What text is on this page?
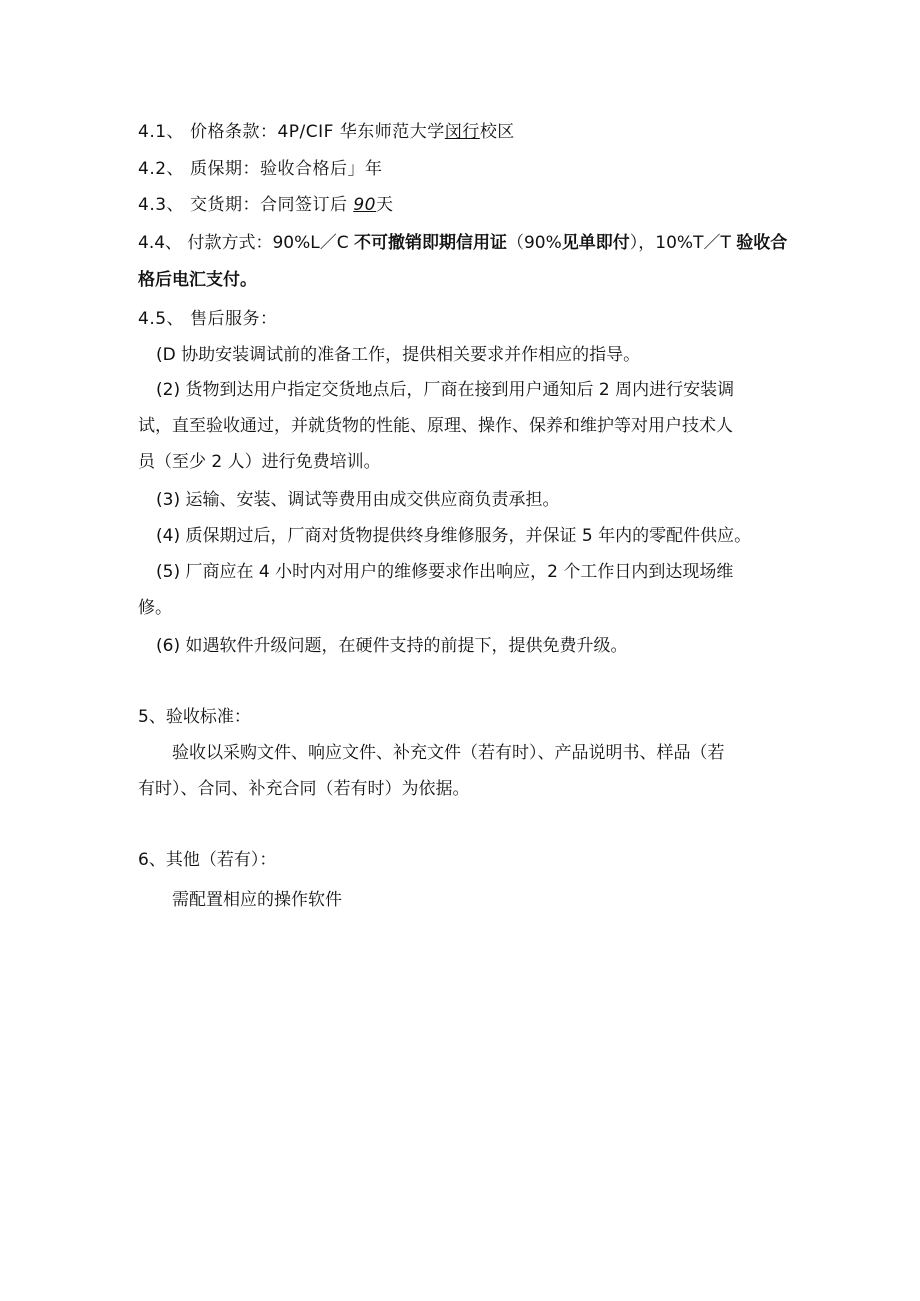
4.1、 价格条款：4P/CIF 华东师范大学闵行校区
4.2、 质保期：验收合格后」年
4.3、 交货期：合同签订后 90天
4.4、 付款方式：90%L／C 不可撤销即期信用证（90%见单即付），10%T／T 验收合
格后电汇支付。
4.5、 售后服务：
(D 协助安装调试前的准备工作，提供相关要求并作相应的指导。
(2) 货物到达用户指定交货地点后，厂商在接到用户通知后 2 周内进行安装调
试，直至验收通过，并就货物的性能、原理、操作、保养和维护等对用户技术人
员（至少 2 人）进行免费培训。
(3) 运输、安装、调试等费用由成交供应商负责承担。
(4) 质保期过后，厂商对货物提供终身维修服务，并保证 5 年内的零配件供应。
(5) 厂商应在 4 小时内对用户的维修要求作出响应，2 个工作日内到达现场维
修。
(6) 如遇软件升级问题，在硬件支持的前提下，提供免费升级。
5、验收标准：
验收以采购文件、响应文件、补充文件（若有时）、产品说明书、样品（若
有时）、合同、补充合同（若有时）为依据。
6、其他（若有）：
需配置相应的操作软件
